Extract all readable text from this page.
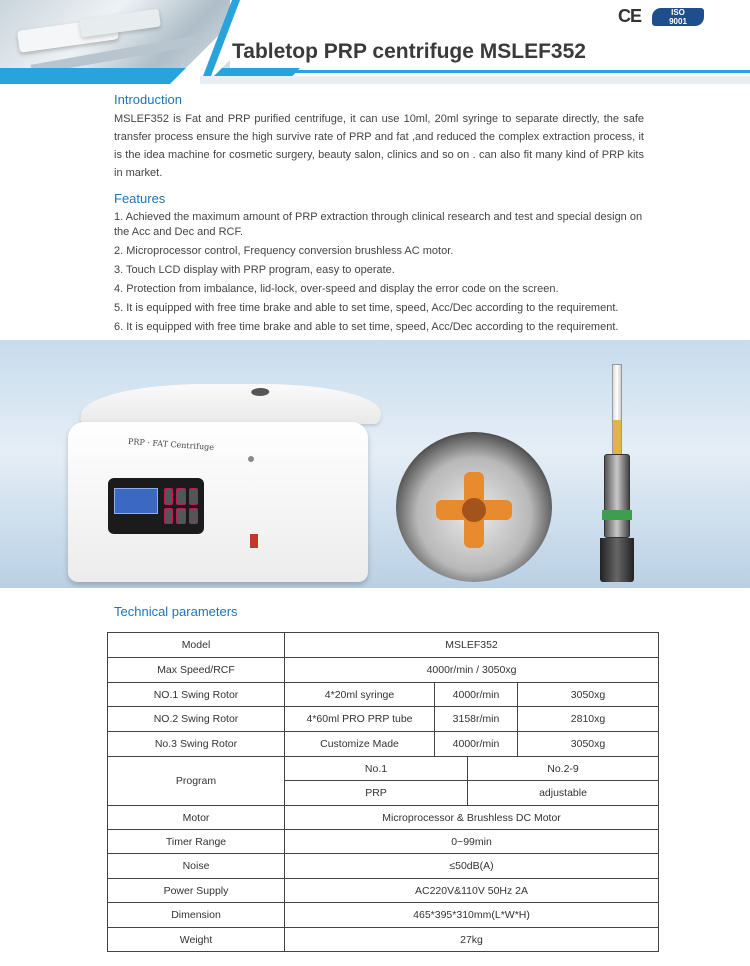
Tabletop PRP centrifuge MSLEF352
CE	ISO
9001
Introduction

MSLEF352 is Fat and PRP purified centrifuge, it can use 10ml, 20ml syringe to separate directly, the safe transfer process ensure the high survive rate of PRP and fat ,and reduced the complex extraction process, it is the idea machine for cosmetic surgery, beauty salon, clinics and so on . can also fit many kind of PRP kits in market.

Features
1. Achieved the maximum amount of PRP extraction through clinical research and test and special design on the Acc and Dec and RCF.
2. Microprocessor control, Frequency conversion brushless AC motor.
3. Touch LCD display with PRP program, easy to operate.
4. Protection from imbalance, lid-lock, over-speed and display the error code on the screen.
5. It is equipped with free time brake and able to set time, speed, Acc/Dec according to the requirement.
6. It is equipped with free time brake and able to set time, speed, Acc/Dec according to the requirement.
PRP · FAT Centrifuge
Technical parameters
Model	MSLEF352			
Max Speed/RCF	4000r/min / 3050xg			
NO.1 Swing Rotor	4*20ml syringe	4000r/min		3050xg
NO.2 Swing Rotor	4*60ml PRO PRP tube	3158r/min		2810xg
No.3 Swing Rotor	Customize Made	4000r/min		3050xg
Program	No.1		No.2-9	
	PRP		adjustable	
Motor	Microprocessor & Brushless DC Motor			
Timer Range	0~99min			
Noise	≤50dB(A)			
Power Supply	AC220V&110V 50Hz 2A			
Dimension	465*395*310mm(L*W*H)			
Weight	27kg			
